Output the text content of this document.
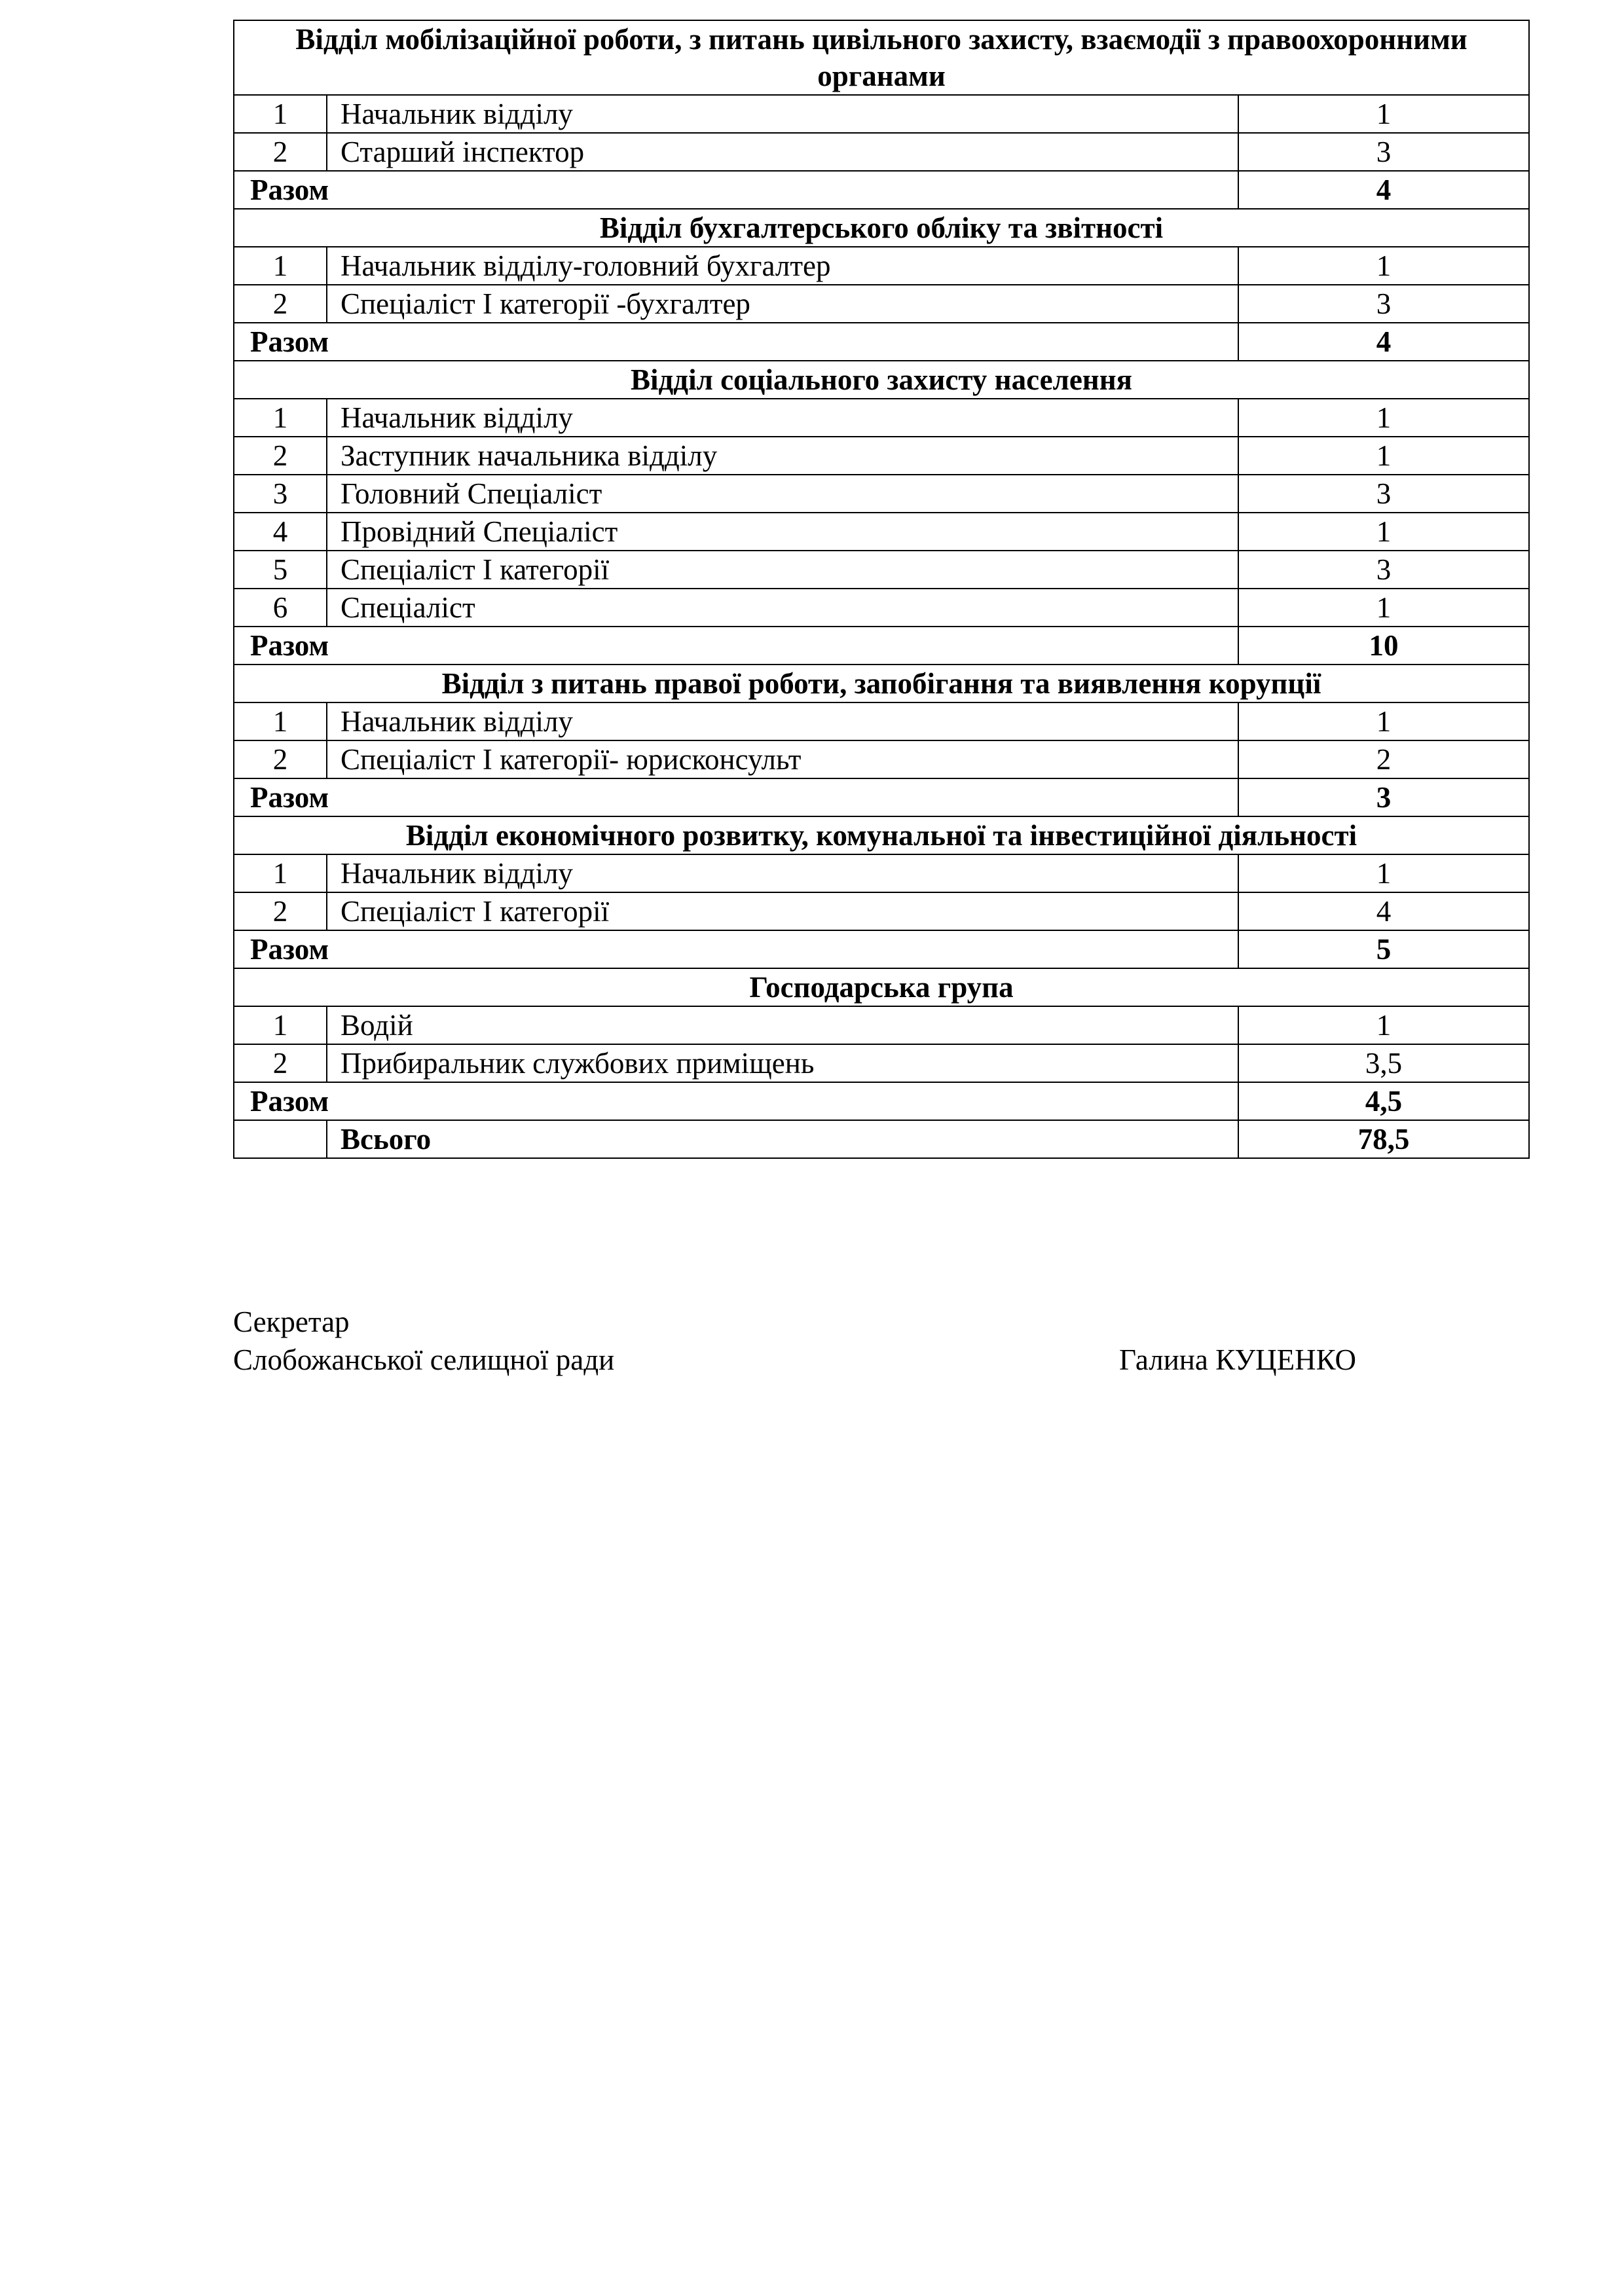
Відділ мобілізаційної роботи, з питань цивільного захисту, взаємодії з правоохоронними органами		
1	Начальник відділу	1
2	Старший інспектор	3
Разом		4
Відділ бухгалтерського обліку та звітності		
1	Начальник відділу-головний бухгалтер	1
2	Спеціаліст І категорії -бухгалтер	3
Разом		4
Відділ соціального захисту населення		
1	Начальник відділу	1
2	Заступник начальника відділу	1
3	Головний Спеціаліст	3
4	Провідний Спеціаліст	1
5	Спеціаліст І категорії	3
6	Спеціаліст	1
Разом		10
Відділ з питань правої роботи, запобігання та виявлення корупції		
1	Начальник відділу	1
2	Спеціаліст І категорії- юрисконсульт	2
Разом		3
Відділ економічного розвитку, комунальної та інвестиційної діяльності		
1	Начальник відділу	1
2	Спеціаліст І категорії	4
Разом		5
Господарська група		
1	Водій	1
2	Прибиральник службових приміщень	3,5
Разом		4,5
	Всього	78,5
Секретар
Слобожанської селищної ради	Галина КУЦЕНКО
